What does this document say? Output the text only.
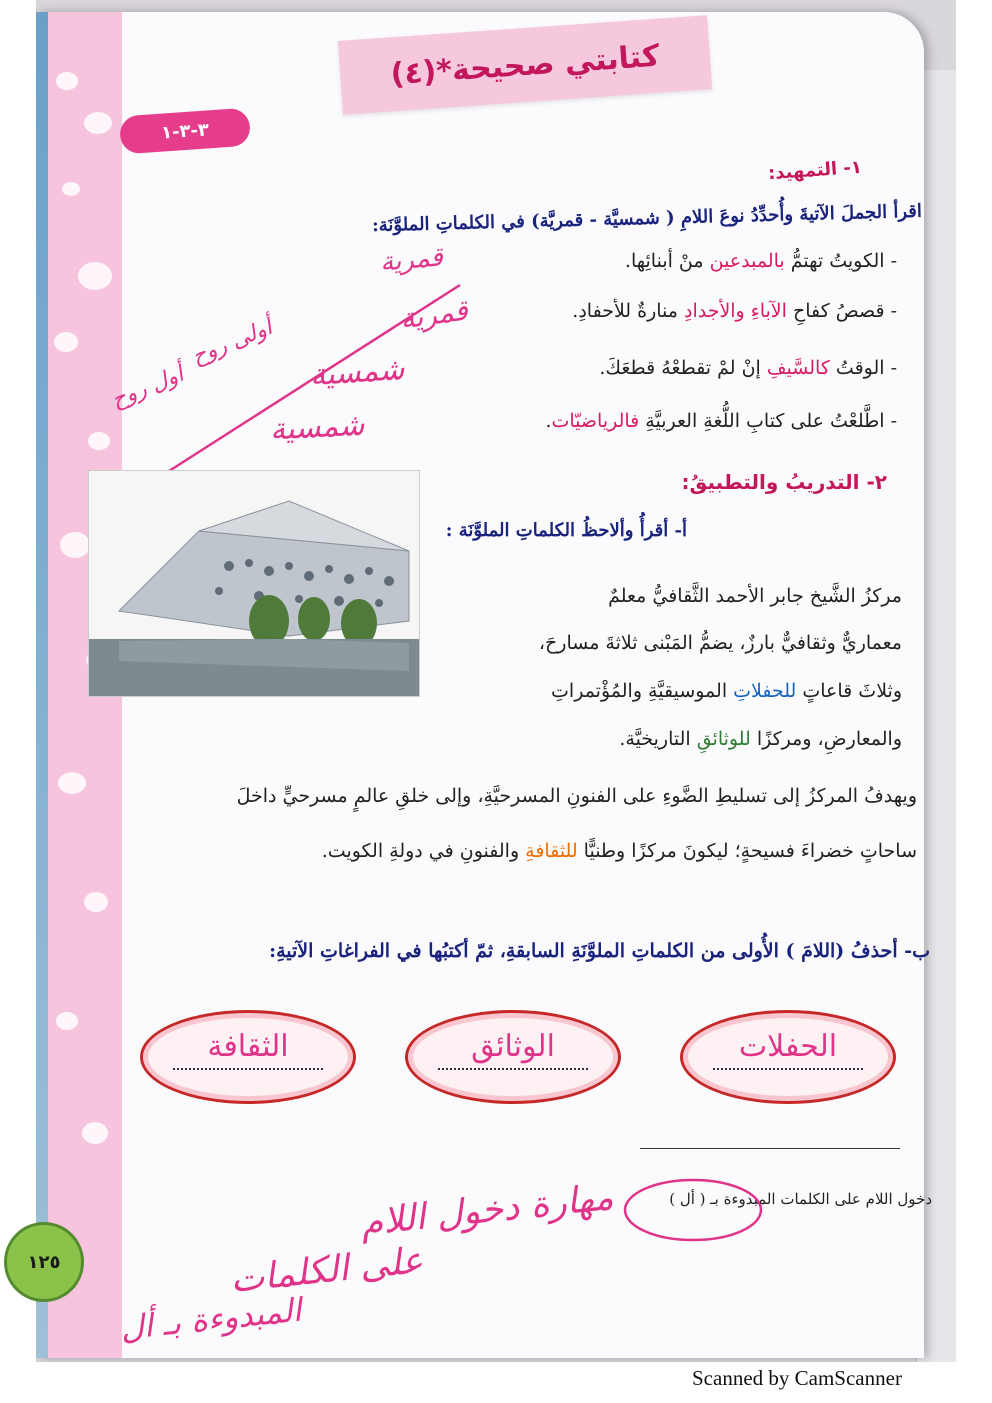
كتابتي صحيحة*(٤)
٣-٣-١
١- التمهيد:
اقرأ الجملَ الآتيةَ وأُحدِّدُ نوعَ اللامِ ( شمسيَّة - قمريَّة) في الكلماتِ الملوَّنَة:
- الكويتُ تهتمُّ بالمبدعين منْ أبنائِها.
- قصصُ كفاحِ الآباءِ والأجدادِ منارةٌ للأحفادِ.
- الوقتُ كالسَّيفِ إنْ لمْ تقطعْهُ قطعَكَ.
- اطَّلعْتُ على كتابِ اللُّغةِ العربيَّةِ فالرياضيّات.
قمرية
قمرية
شمسية
شمسية
أول روح
أولى روح
٢- التدريبُ والتطبيقُ:
أ- أقرأُ وألاحظُ الكلماتِ الملوَّنَة :
مركزُ الشَّيخ جابر الأحمد الثَّقافيُّ معلمٌ
معماريٌّ وثقافيٌّ بارزٌ، يضمُّ المَبْنى ثلاثةَ مسارحَ،
وثلاثَ قاعاتٍ للحفلاتِ الموسيقيَّةِ والمُؤْتمراتِ
والمعارضِ، ومركزًا للوثائقِ التاريخيَّة.
ويهدفُ المركزُ إلى تسليطِ الضَّوءِ على الفنونِ المسرحيَّةِ، وإلى خلقِ عالمٍ مسرحيٍّ داخلَ
ساحاتٍ خضراءَ فسيحةٍ؛ ليكونَ مركزًا وطنيًّا للثقافةِ والفنونِ في دولةِ الكويت.
ب- أحذفُ (اللامَ ) الأُولى من الكلماتِ الملوَّنَةِ السابقةِ، ثمّ أكتبُها في الفراغاتِ الآتيةِ:
الحفلات
الوثائق
الثقافة
دخول اللام على الكلمات المبدوءة بـ ( أل )
مهارة دخول اللام
على الكلمات
المبدوءة بـ أل
١٢٥
Scanned by CamScanner
